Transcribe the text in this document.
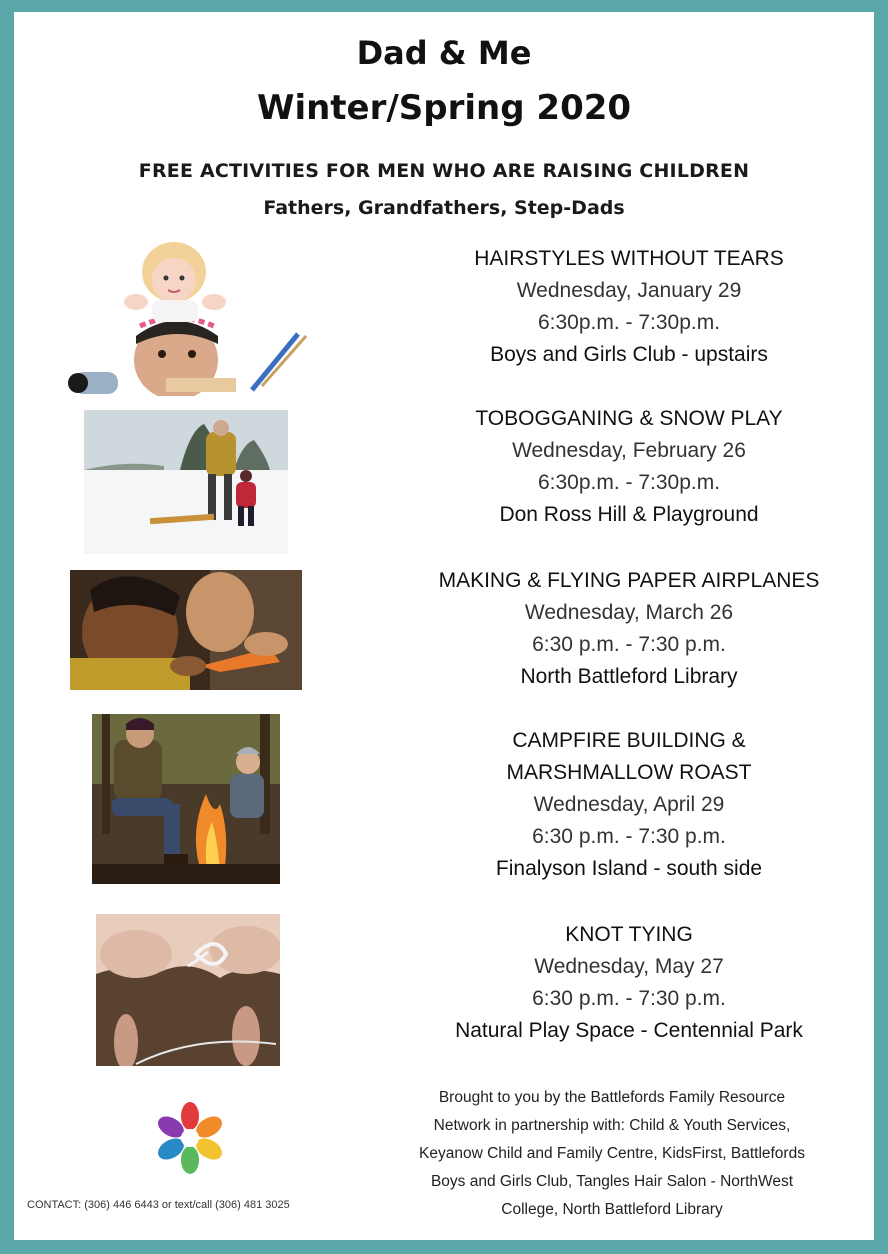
Dad & Me
Winter/Spring 2020
FREE ACTIVITIES FOR MEN WHO ARE RAISING CHILDREN
Fathers, Grandfathers, Step-Dads
HAIRSTYLES WITHOUT TEARS
Wednesday, January 29
6:30p.m. - 7:30p.m.
Boys and Girls Club - upstairs
TOBOGGANING & SNOW PLAY
Wednesday, February 26
6:30p.m. - 7:30p.m.
Don Ross Hill & Playground
MAKING & FLYING PAPER AIRPLANES
Wednesday, March 26
6:30 p.m. - 7:30 p.m.
North Battleford Library
CAMPFIRE BUILDING &
MARSHMALLOW ROAST
Wednesday, April 29
6:30 p.m. - 7:30 p.m.
Finalyson Island - south side
KNOT TYING
Wednesday, May 27
6:30 p.m. - 7:30 p.m.
Natural Play Space - Centennial Park
Brought to you by the Battlefords Family Resource
Network in partnership with: Child & Youth Services,
Keyanow Child and Family Centre, KidsFirst, Battlefords
Boys and Girls Club, Tangles Hair Salon - NorthWest
College, North Battleford Library
CONTACT: (306) 446 6443 or text/call (306) 481 3025
